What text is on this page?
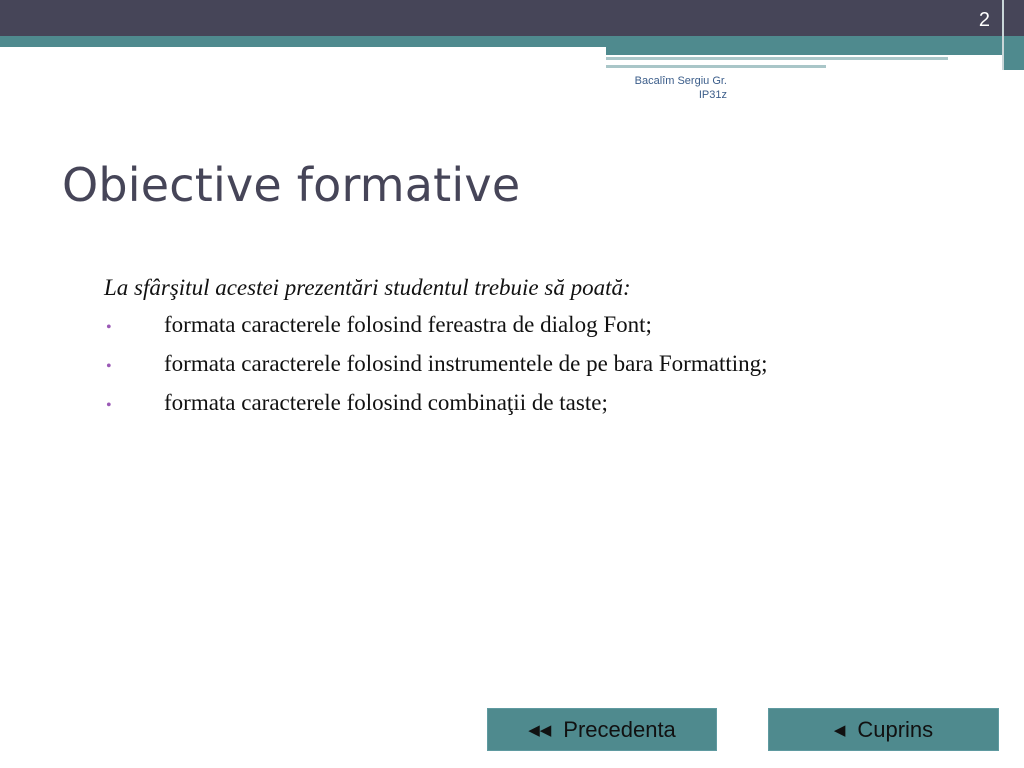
2
Bacalîm Sergiu Gr.
IP31z
Obiective formative

La sfârşitul acestei prezentări studentul trebuie să poată:

•	formata caracterele folosind fereastra de dialog Font;
•	formata caracterele folosind instrumentele de pe bara Formatting;
•	formata caracterele folosind combinaţii de taste;
◀◀ Precedenta	◀ Cuprins
